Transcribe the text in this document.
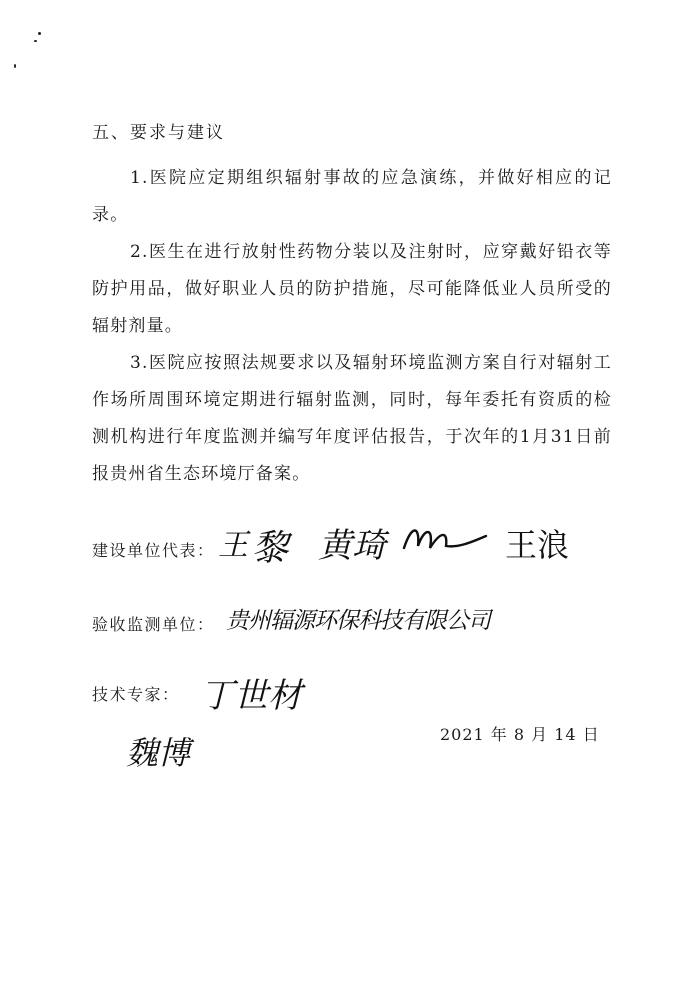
五、要求与建议

1.医院应定期组织辐射事故的应急演练，并做好相应的记录。

2.医生在进行放射性药物分装以及注射时，应穿戴好铅衣等防护用品，做好职业人员的防护措施，尽可能降低业人员所受的辐射剂量。

3.医院应按照法规要求以及辐射环境监测方案自行对辐射工作场所周围环境定期进行辐射监测，同时，每年委托有资质的检测机构进行年度监测并编写年度评估报告，于次年的1月31日前报贵州省生态环境厅备案。

建设单位代表： 王 黎 黄琦	王浪
验收监测单位： 贵州辐源环保科技有限公司
技术专家： 丁世材
魏博	2021 年 8 月 14 日
